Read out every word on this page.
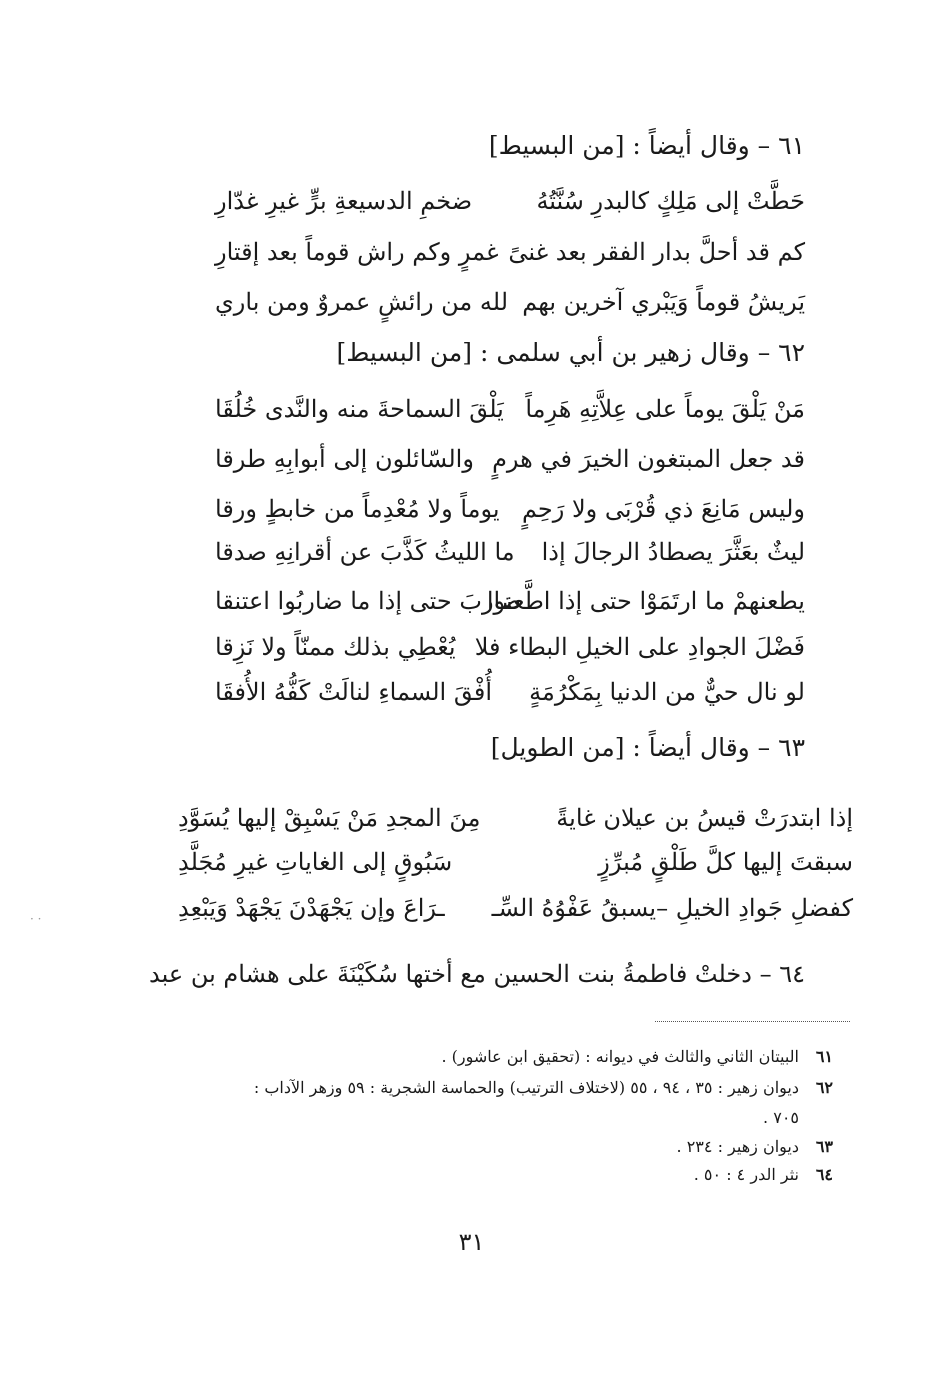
٦١ – وقال أيضاً : [من البسيط]
حَطَّتْ إلى مَلِكٍ كالبدرِ سُنَّتُهُ
ضخمِ الدسيعةِ برٍّ غيرِ غدّارِ
كم قد أحلَّ بدار الفقر بعد غنىً
غمرٍ وكم راش قوماً بعد إقتارِ
يَريشُ قوماً وَيَبْري آخرين بهم
لله من رائشٍ عمروٌ ومن باري
٦٢ – وقال زهير بن أبي سلمى : [من البسيط]
مَنْ يَلْقَ يوماً على عِلاَّتِهِ هَرِماً
يَلْقَ السماحةَ منه والنَّدى خُلُقَا
قد جعل المبتغون الخيرَ في هرمٍ
والسّائلون إلى أبوابِهِ طرقا
وليس مَانِعَ ذي قُرْبَى ولا رَحِمٍ
يوماً ولا مُعْدِماً من خابطٍ ورقا
ليثٌ بعَثَّرَ يصطادُ الرجالَ إذا
ما الليثُ كَذَّبَ عن أقرانِهِ صدقا
يطعنهمْ ما ارتَمَوْا حتى إذا اطَّعنوا
ضاربَ حتى إذا ما ضاربُوا اعتنقا
فَضْلَ الجوادِ على الخيلِ البطاء فلا
يُعْطِي بذلك ممنّاً ولا نَزِقا
لو نال حيٌّ من الدنيا بِمَكْرُمَةٍ
أُفْقَ السماءِ لنالَتْ كَفُّهُ الأُفقَا
٦٣ – وقال أيضاً : [من الطويل]
إذا ابتدرَتْ قيسُ بن عيلان غايةً
مِنَ المجدِ مَنْ يَسْبِقْ إليها يُسَوَّدِ
سبقتَ إليها كلَّ طَلْقٍ مُبرِّزٍ
سَبُوقٍ إلى الغاياتِ غيرِ مُجَلَّدِ
كفضلِ جَوادِ الخيلِ –يسبقُ عَفْوُهُ السِّـ
ـرَاعَ وإن يَجْهَدْنَ يَجْهَدْ وَيَبْعِدِ
· ·
٦٤ – دخلتْ فاطمةُ بنت الحسين مع أختها سُكَيْنَةَ على هشام بن عبد
٦١البيتان الثاني والثالث في ديوانه : (تحقيق ابن عاشور) .
٦٢ديوان زهير : ٣٥ ، ٩٤ ، ٥٥ (لاختلاف الترتيب) والحماسة الشجرية : ٥٩ وزهر الآداب :
٧٠٥ .
٦٣ديوان زهير : ٢٣٤ .
٦٤نثر الدر ٤ : ٥٠ .
٣١
